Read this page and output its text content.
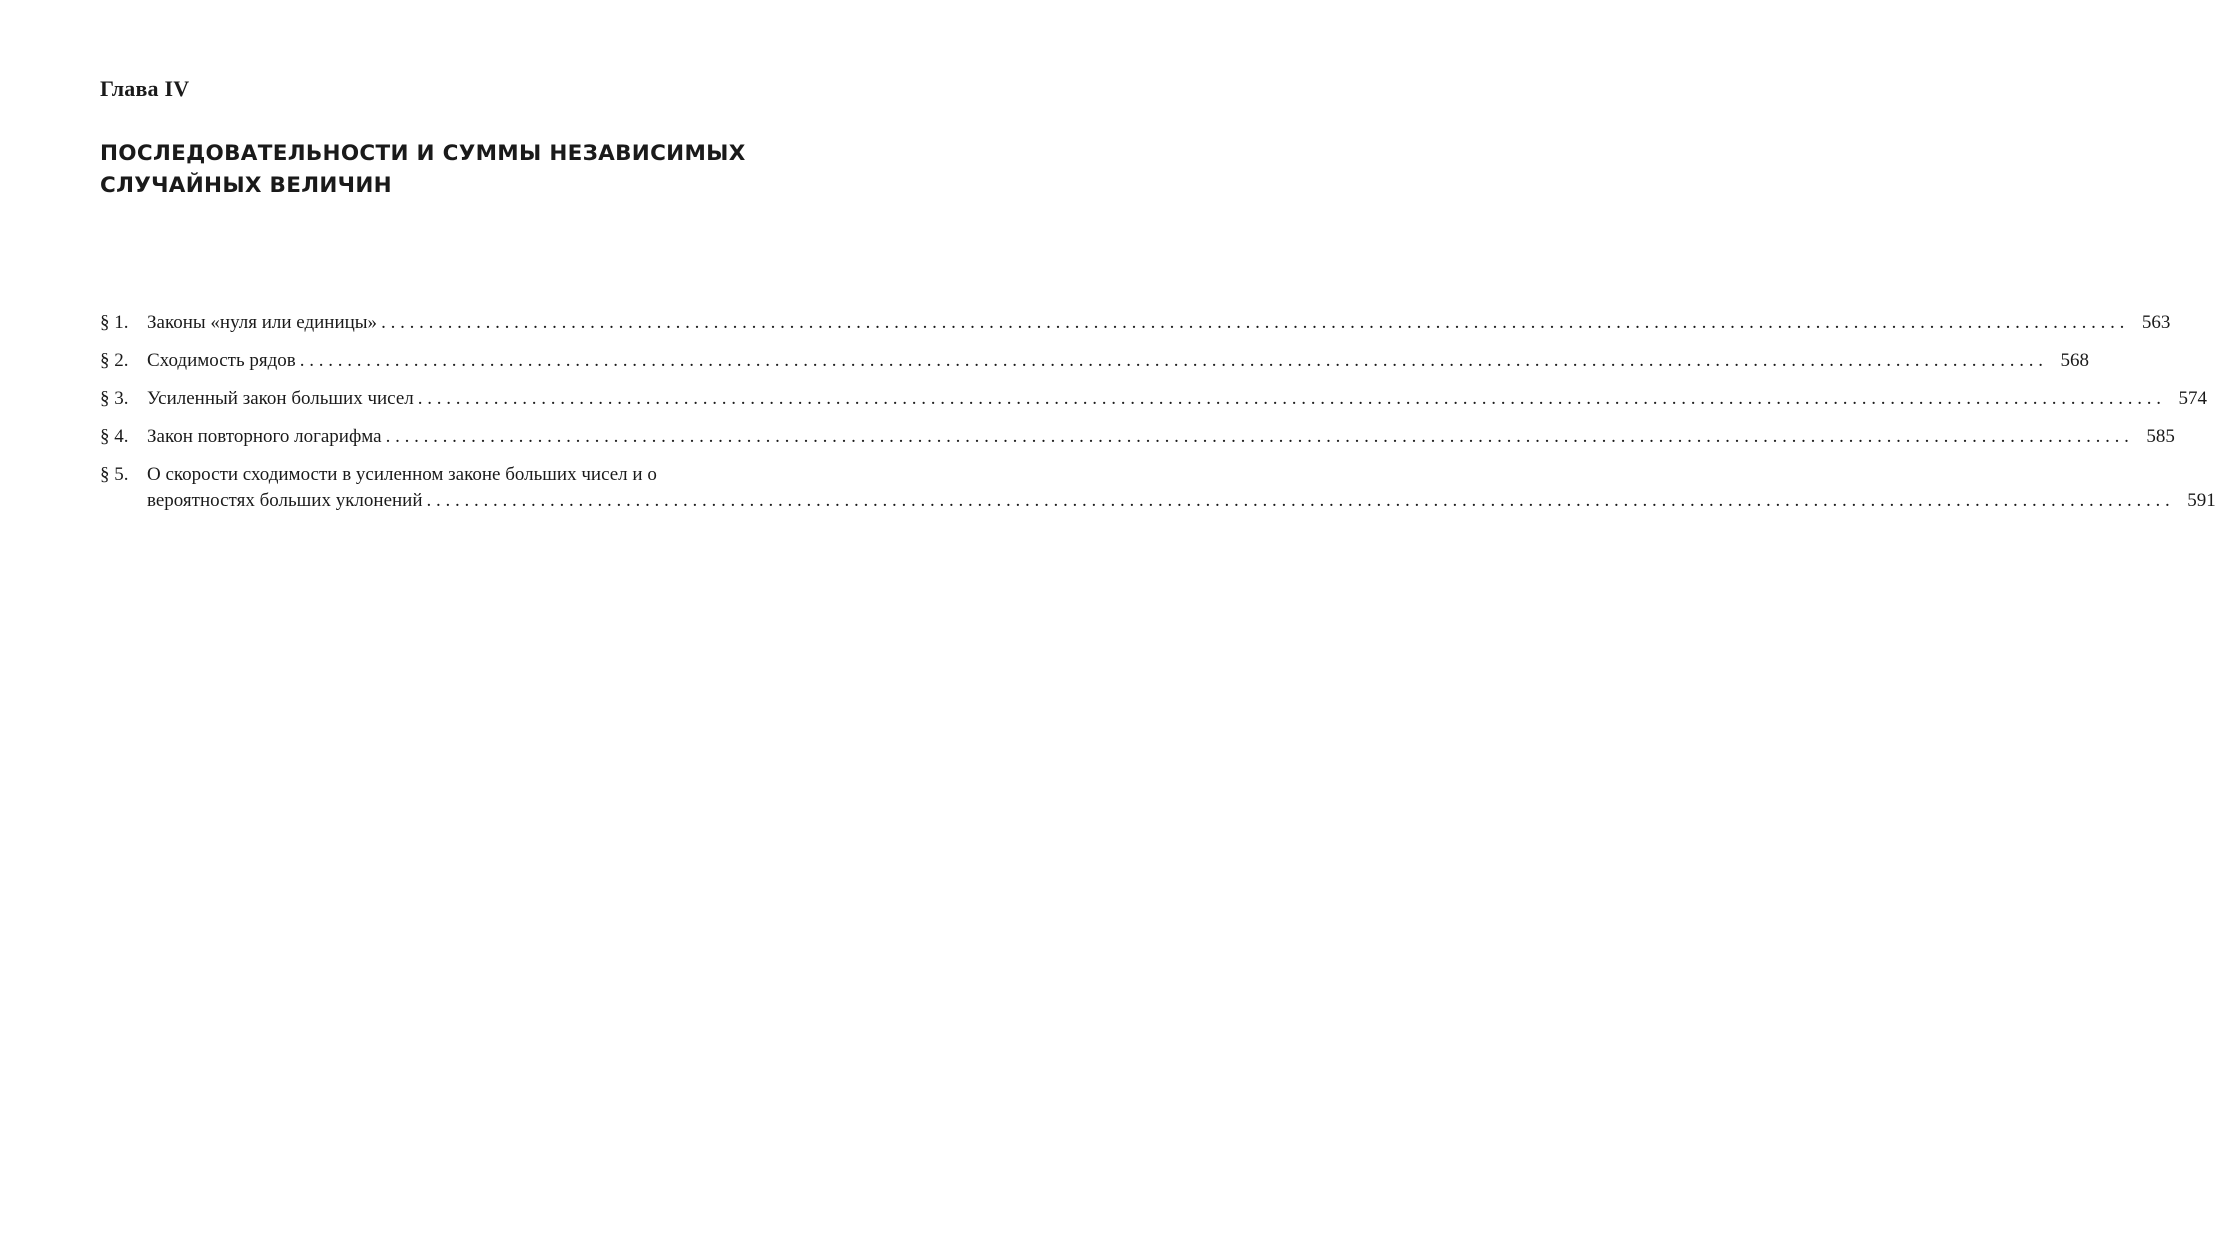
Глава IV
ПОСЛЕДОВАТЕЛЬНОСТИ И СУММЫ НЕЗАВИСИМЫХ
СЛУЧАЙНЫХ ВЕЛИЧИН
§ 1. Законы «нуля или единицы» . . .	563
§ 2. Сходимость рядов . . .	568
§ 3. Усиленный закон больших чисел . . .	574
§ 4. Закон повторного логарифма . . .	585
§ 5. О скорости сходимости в усиленном законе больших чисел и о
вероятностях больших уклонений . . .	591
